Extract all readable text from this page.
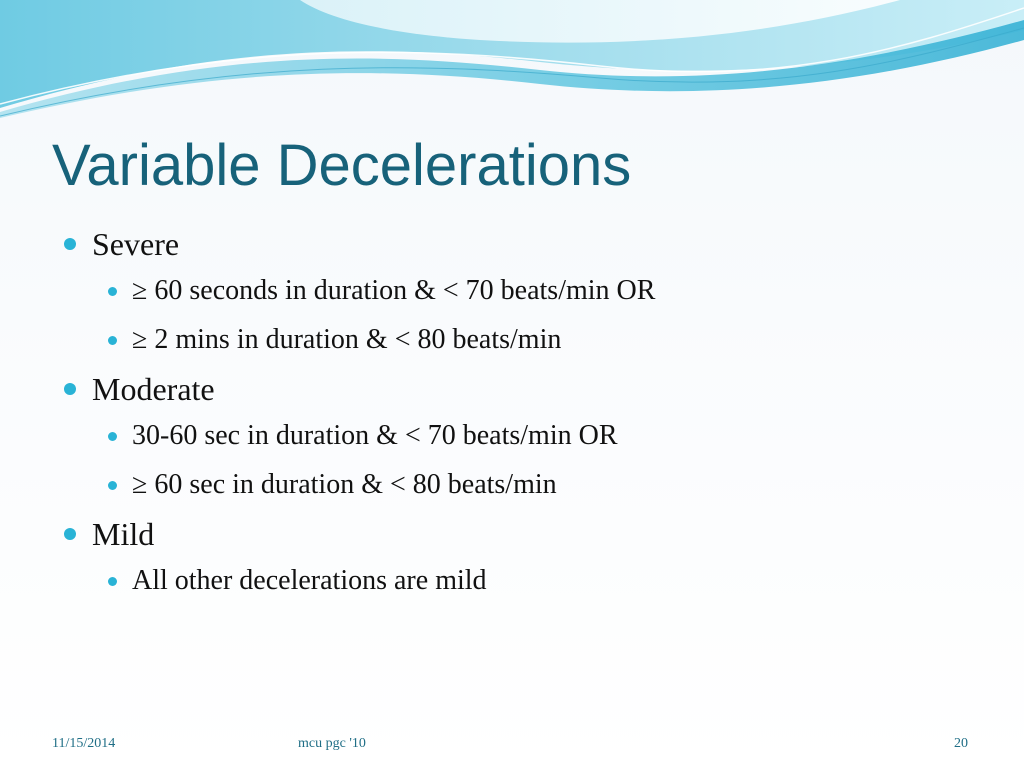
Variable Decelerations
Severe
≥ 60 seconds in duration & < 70 beats/min OR
≥ 2 mins in duration & < 80 beats/min
Moderate
30-60 sec in duration & < 70 beats/min OR
≥ 60 sec in duration & < 80 beats/min
Mild
All other decelerations are mild
11/15/2014	mcu pgc '10	20
